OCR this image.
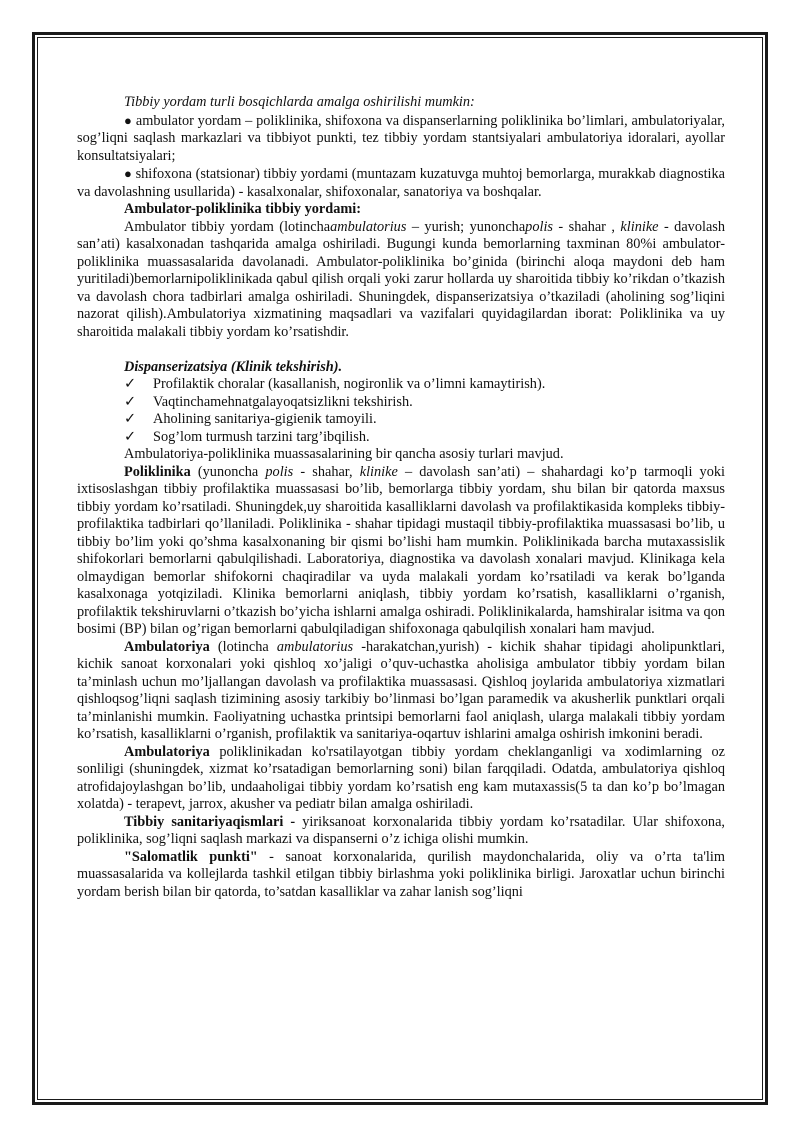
Tibbiy yordam turli bosqichlarda amalga oshirilishi mumkin:

● ambulator yordam – poliklinika, shifoxona va dispanserlarning poliklinika bo’limlari, ambulatoriyalar, sog’liqni saqlash markazlari va tibbiyot punkti, tez tibbiy yordam stantsiyalari ambulatoriya idoralari, ayollar konsultatsiyalari;

● shifoxona (statsionar) tibbiy yordami (muntazam kuzatuvga muhtoj bemorlarga, murakkab diagnostika va davolashning usullarida) - kasalxonalar, shifoxonalar, sanatoriya va boshqalar.

Ambulator-poliklinika tibbiy yordami:

Ambulator tibbiy yordam (lotinchaambulatorius – yurish; yunonchapolis - shahar , klinike - davolash san’ati) kasalxonadan tashqarida amalga oshiriladi. Bugungi kunda bemorlarning taxminan 80%i ambulator-poliklinika muassasalarida davolanadi. Ambulator-poliklinika bo’ginida (birinchi aloqa maydoni deb ham yuritiladi)bemorlarnipoliklinikada qabul qilish orqali yoki zarur hollarda uy sharoitida tibbiy ko’rikdan o’tkazish va davolash chora tadbirlari amalga oshiriladi. Shuningdek, dispanserizatsiya o’tkaziladi (aholining sog’liqini nazorat qilish).Ambulatoriya xizmatining maqsadlari va vazifalari quyidagilardan iborat: Poliklinika va uy sharoitida malakali tibbiy yordam ko’rsatishdir.

Dispanserizatsiya (Klinik tekshirish).

✓ Profilaktik choralar (kasallanish, nogironlik va o’limni kamaytirish).
✓ Vaqtinchamehnatgalayoqatsizlikni tekshirish.
✓ Aholining sanitariya-gigienik tamoyili.
✓ Sog’lom turmush tarzini targ’ibqilish.

Ambulatoriya-poliklinika muassasalarining bir qancha asosiy turlari mavjud.

Poliklinika (yunoncha polis - shahar, klinike – davolash san’ati) – shahardagi ko’p tarmoqli yoki ixtisoslashgan tibbiy profilaktika muassasasi bo’lib, bemorlarga tibbiy yordam, shu bilan bir qatorda maxsus tibbiy yordam ko’rsatiladi. Shuningdek,uy sharoitida kasalliklarni davolash va profilaktikasida kompleks tibbiy-profilaktika tadbirlari qo’llaniladi. Poliklinika - shahar tipidagi mustaqil tibbiy-profilaktika muassasasi bo’lib, u tibbiy bo’lim yoki qo’shma kasalxonaning bir qismi bo’lishi ham mumkin. Poliklinikada barcha mutaxassislik shifokorlari bemorlarni qabulqilishadi. Laboratoriya, diagnostika va davolash xonalari mavjud. Klinikaga kela olmaydigan bemorlar shifokorni chaqiradilar va uyda malakali yordam ko’rsatiladi va kerak bo’lganda kasalxonaga yotqiziladi. Klinika bemorlarni aniqlash, tibbiy yordam ko’rsatish, kasalliklarni o’rganish, profilaktik tekshiruvlarni o’tkazish bo’yicha ishlarni amalga oshiradi. Poliklinikalarda, hamshiralar isitma va qon bosimi (BP) bilan og’rigan bemorlarni qabulqiladigan shifoxonaga qabulqilish xonalari ham mavjud.

Ambulatoriya (lotincha ambulatorius -harakatchan,yurish) - kichik shahar tipidagi aholipunktlari, kichik sanoat korxonalari yoki qishloq xo’jaligi o’quv-uchastka aholisiga ambulator tibbiy yordam bilan ta’minlash uchun mo’ljallangan davolash va profilaktika muassasasi. Qishloq joylarida ambulatoriya xizmatlari qishloqsog’liqni saqlash tizimining asosiy tarkibiy bo’linmasi bo’lgan paramedik va akusherlik punktlari orqali ta’minlanishi mumkin. Faoliyatning uchastka printsipi bemorlarni faol aniqlash, ularga malakali tibbiy yordam ko’rsatish, kasalliklarni o’rganish, profilaktik va sanitariya-oqartuv ishlarini amalga oshirish imkonini beradi.

Ambulatoriya poliklinikadan ko'rsatilayotgan tibbiy yordam cheklanganligi va xodimlarning oz sonliligi (shuningdek, xizmat ko’rsatadigan bemorlarning soni) bilan farqqiladi. Odatda, ambulatoriya qishloq atrofidajoylashgan bo’lib, undaaholigai tibbiy yordam ko’rsatish eng kam mutaxassis(5 ta dan ko’p bo’lmagan xolatda) - terapevt, jarrox, akusher va pediatr bilan amalga oshiriladi.

Tibbiy sanitariyaqismlari - yiriksanoat korxonalarida tibbiy yordam ko’rsatadilar. Ular shifoxona, poliklinika, sog’liqni saqlash markazi va dispanserni o’z ichiga olishi mumkin.

"Salomatlik punkti" - sanoat korxonalarida, qurilish maydonchalarida, oliy va o’rta ta'lim muassasalarida va kollejlarda tashkil etilgan tibbiy birlashma yoki poliklinika birligi. Jaroxatlar uchun birinchi yordam berish bilan bir qatorda, to’satdan kasalliklar va zahar lanish sog’liqni
